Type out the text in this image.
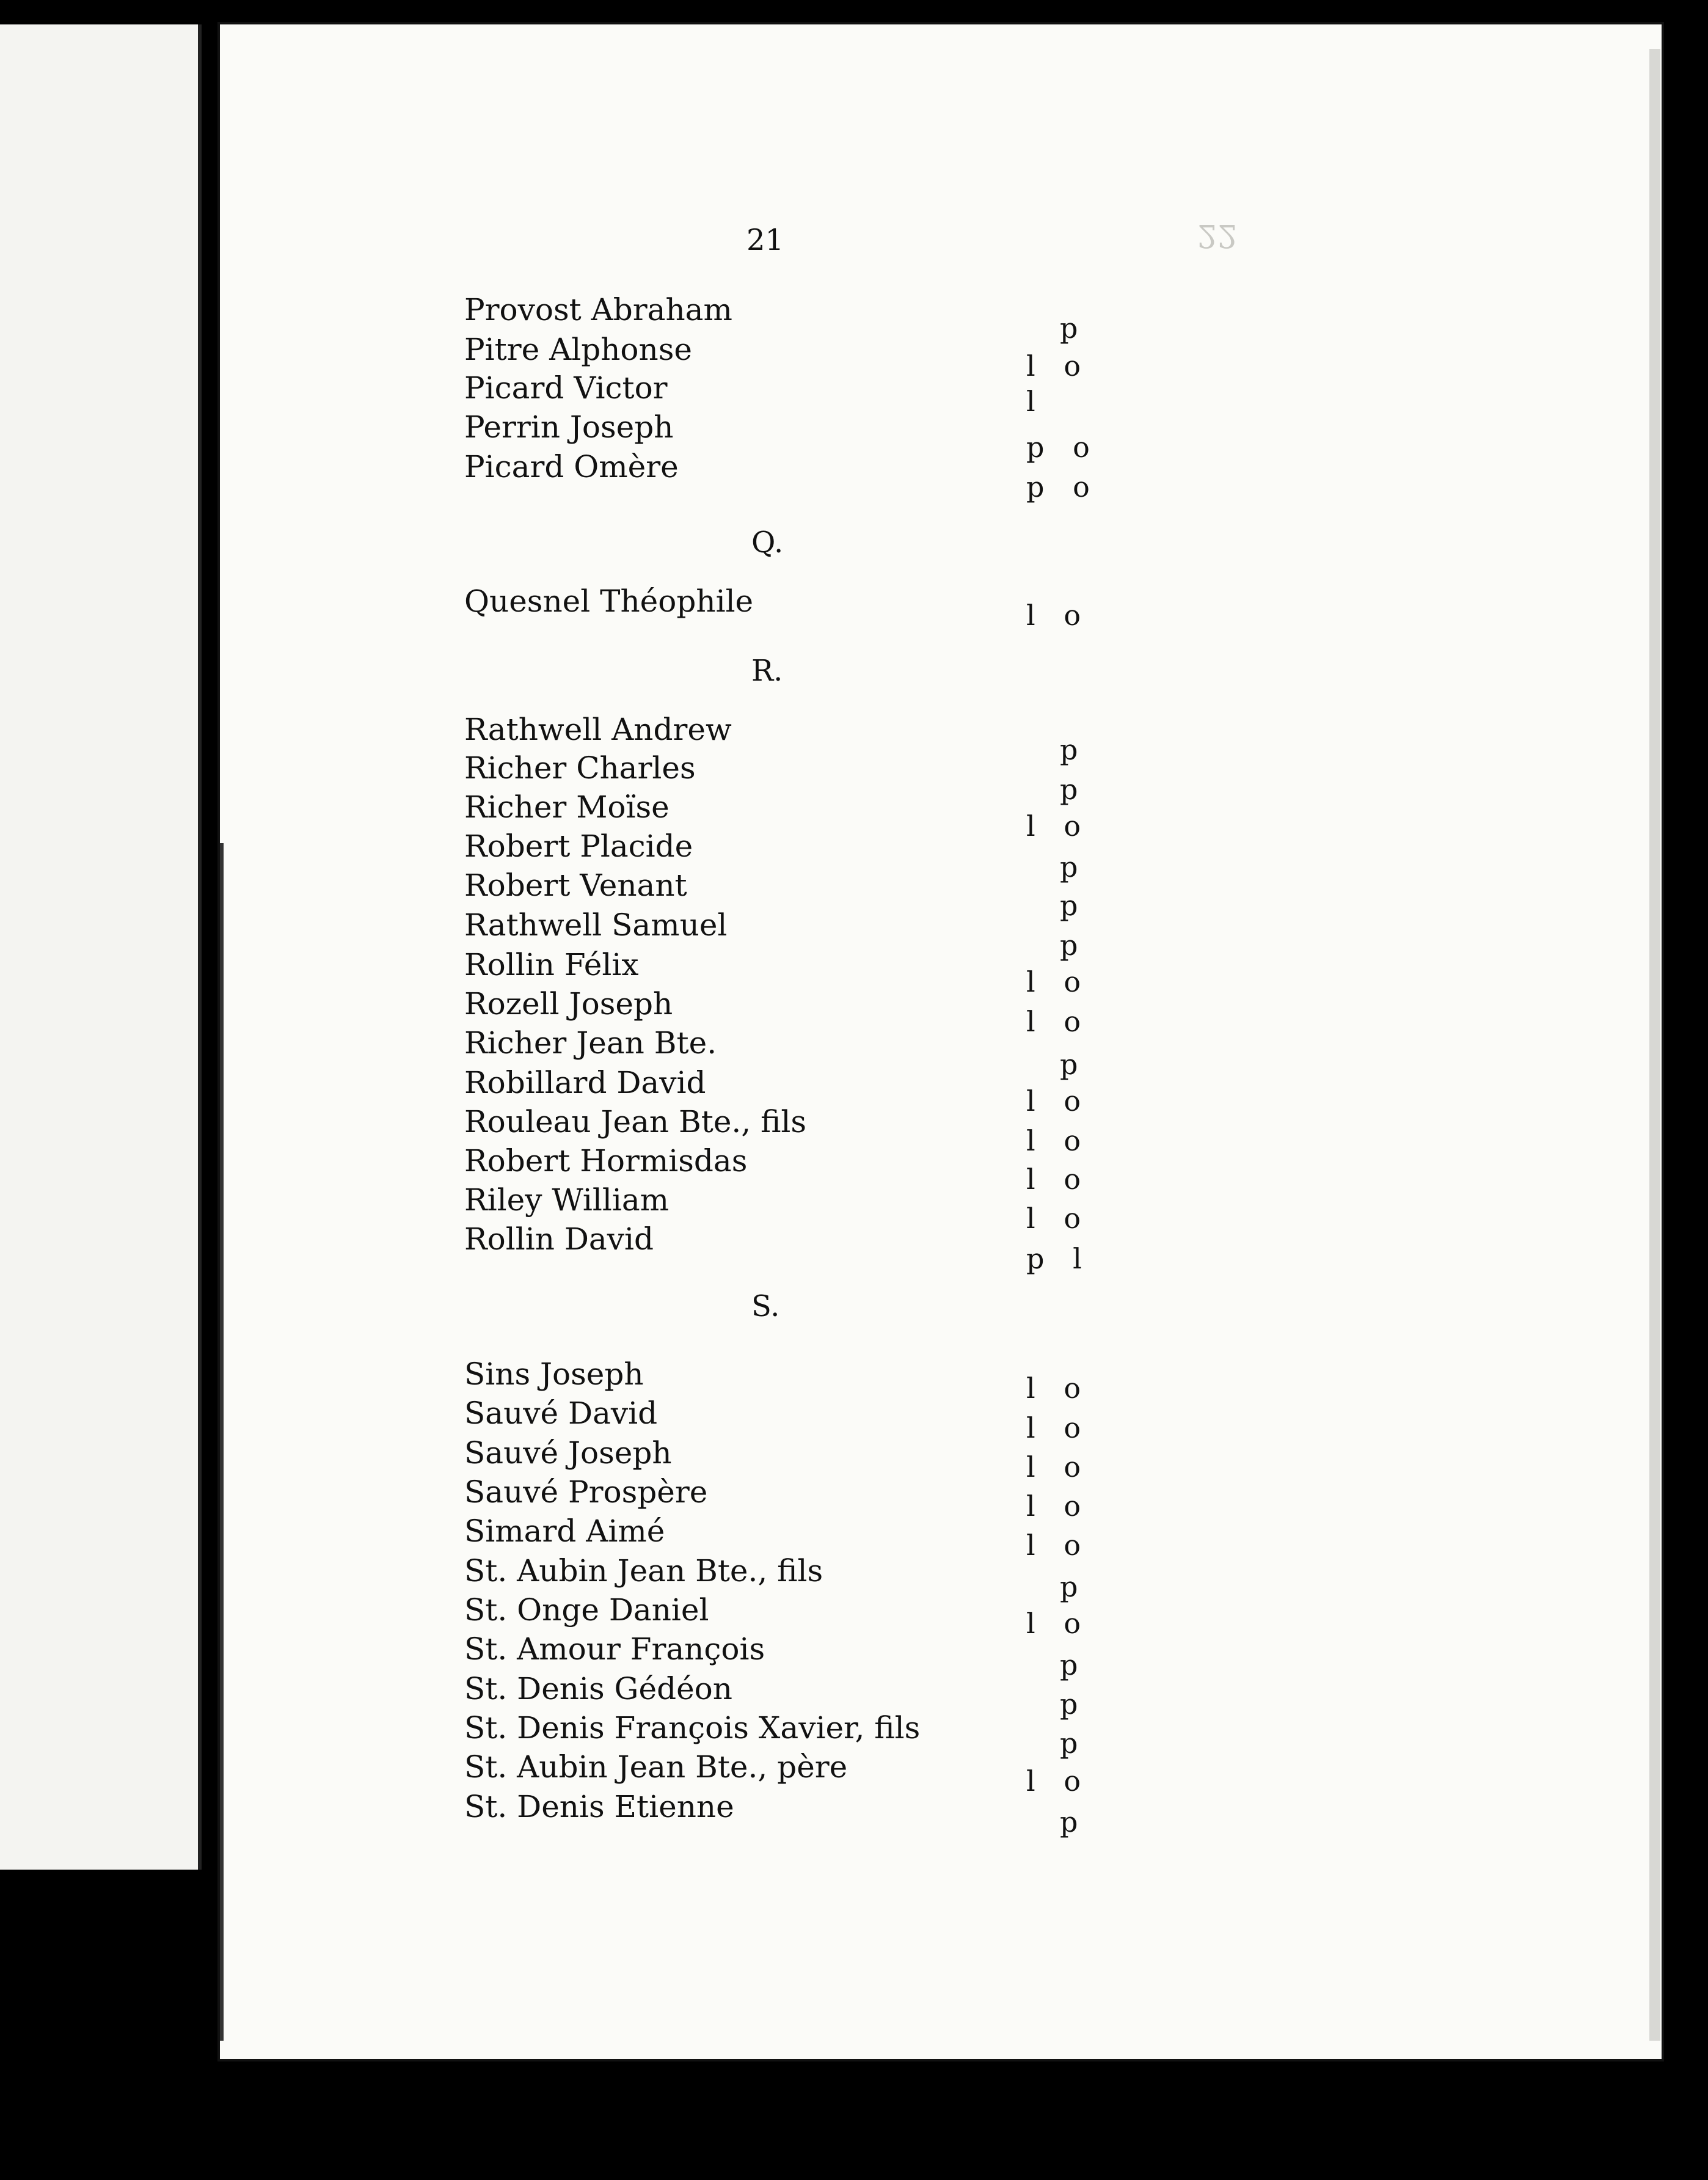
22
21
Provost Abraham
Pitre Alphonse
Picard Victor
Perrin Joseph
Picard Omère
Q.
Quesnel Théophile
R.
Rathwell Andrew
Richer Charles
Richer Moïse
Robert Placide
Robert Venant
Rathwell Samuel
Rollin Félix
Rozell Joseph
Richer Jean Bte.
Robillard David
Rouleau Jean Bte., fils
Robert Hormisdas
Riley William
Rollin David
S.
Sins Joseph
Sauvé David
Sauvé Joseph
Sauvé Prospère
Simard Aimé
St. Aubin Jean Bte., fils
St. Onge Daniel
St. Amour François
St. Denis Gédéon
St. Denis François Xavier, fils
St. Aubin Jean Bte., père
St. Denis Etienne
p
l o
l
p o
p o
l o
p
p
l o
p
p
p
l o
l o
p
l o
l o
l o
l o
p l
l o
l o
l o
l o
l o
p
l o
p
p
p
l o
p
